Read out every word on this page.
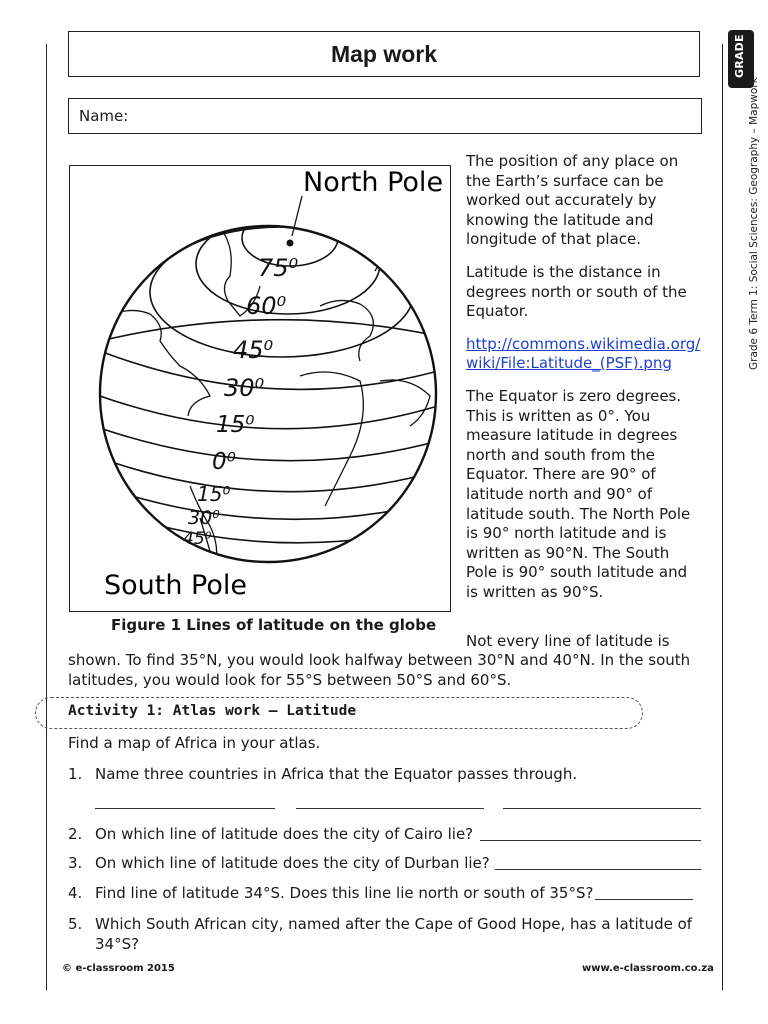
GRADE 6
Grade 6 Term 1: Social Sciences: Geography – Mapwork
Map work
Name:
North Pole
South Pole
75⁰
60⁰
45⁰
30⁰
15⁰
0⁰
15⁰
30⁰
45⁰
Figure 1 Lines of latitude on the globe

The position of any place on the Earth’s surface can be worked out accurately by knowing the latitude and longitude of that place.

Latitude is the distance in degrees north or south of the Equator.

http://commons.wikimedia.org/wiki/File:Latitude_(PSF).png

The Equator is zero degrees. This is written as 0°. You measure latitude in degrees north and south from the Equator. There are 90° of latitude north and 90° of latitude south. The North Pole is 90° north latitude and is written as 90°N. The South Pole is 90° south latitude and is written as 90°S.

Not every line of latitude is
shown. To find 35°N, you would look halfway between 30°N and 40°N. In the south latitudes, you would look for 55°S between 50°S and 60°S.
Activity 1: Atlas work – Latitude
Find a map of Africa in your atlas.
1. Name three countries in Africa that the Equator passes through.
2. On which line of latitude does the city of Cairo lie?
3. On which line of latitude does the city of Durban lie?
4. Find line of latitude 34°S. Does this line lie north or south of 35°S?
5. Which South African city, named after the Cape of Good Hope, has a latitude of 34°S?
© e-classroom 2015	www.e-classroom.co.za
